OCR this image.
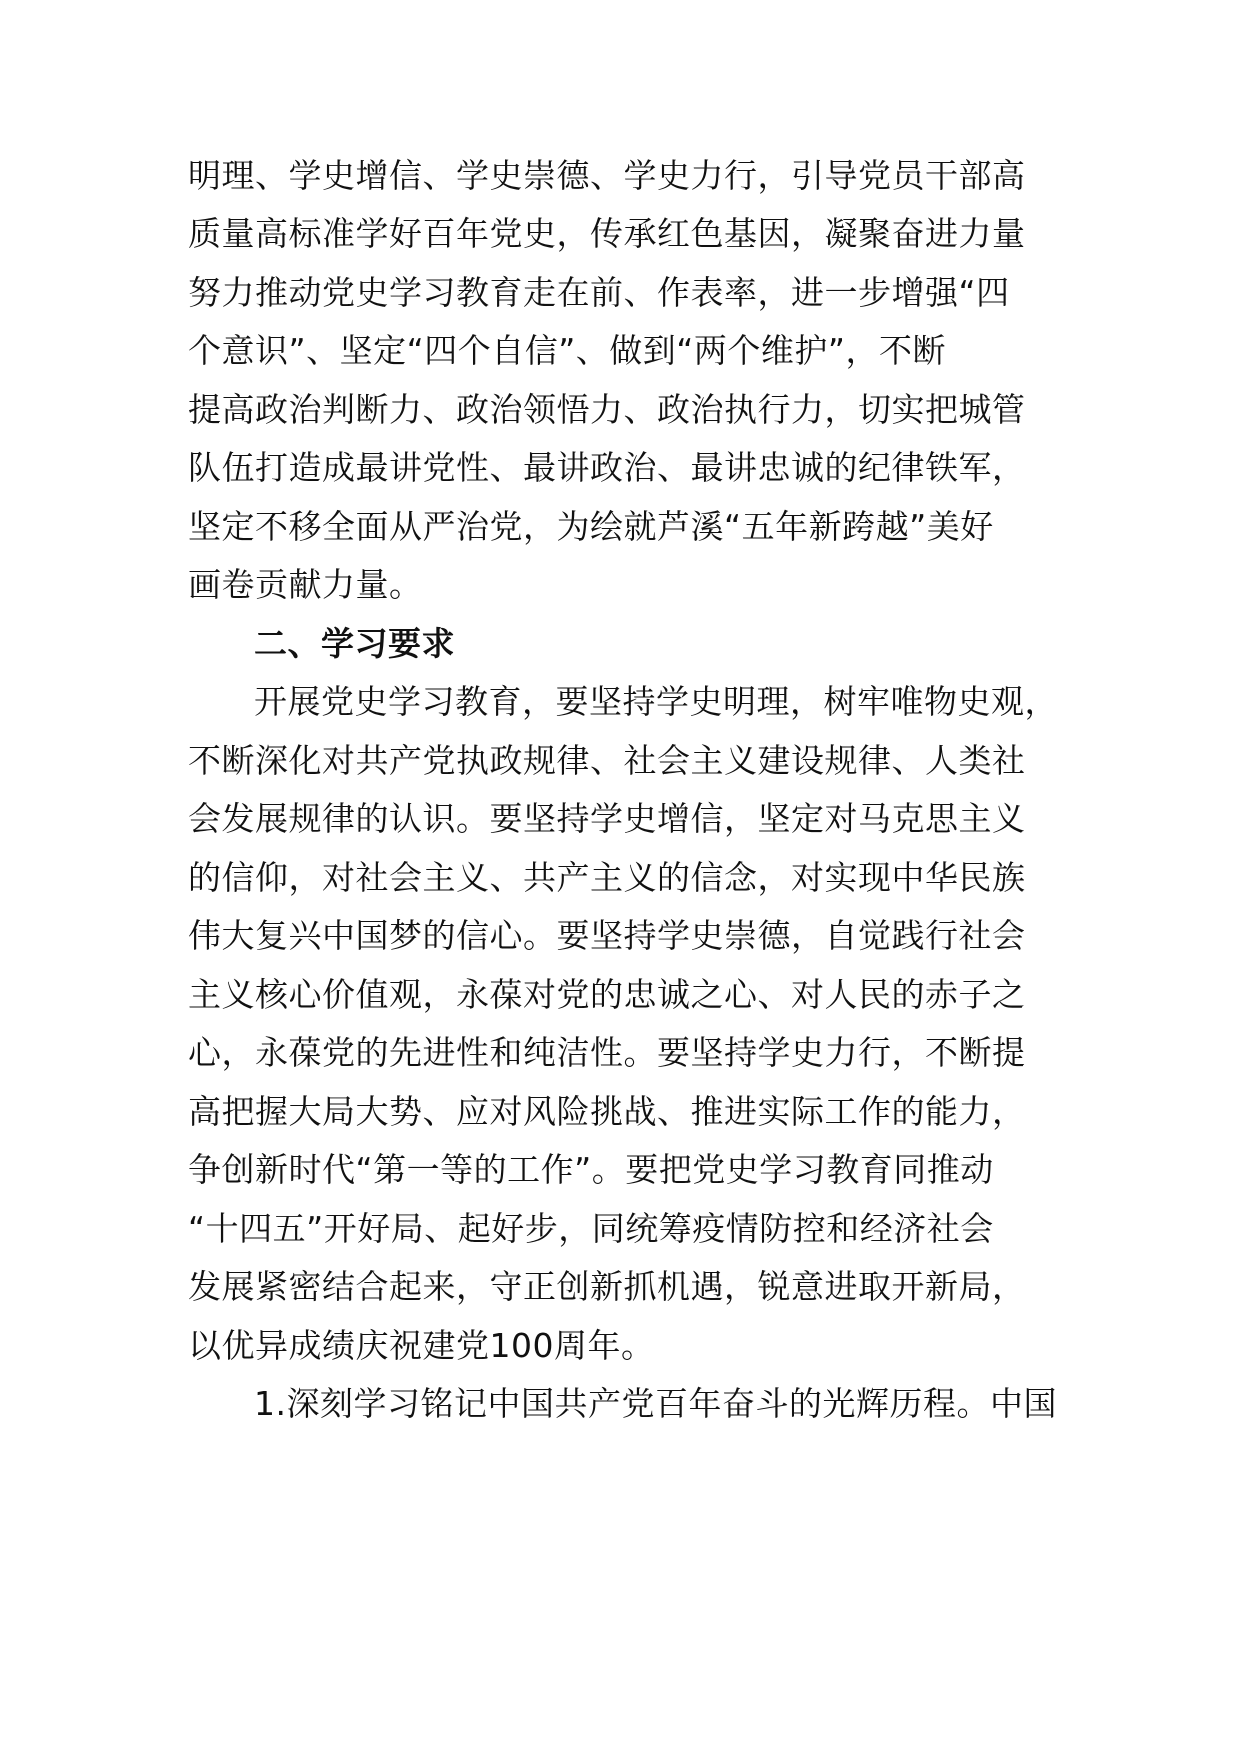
明理、学史增信、学史崇德、学史力行，引导党员干部高
质量高标准学好百年党史，传承红色基因，凝聚奋进力量
努力推动党史学习教育走在前、作表率，进一步增强“四
个意识”、坚定“四个自信”、做到“两个维护”，不断
提高政治判断力、政治领悟力、政治执行力，切实把城管
队伍打造成最讲党性、最讲政治、最讲忠诚的纪律铁军，
坚定不移全面从严治党，为绘就芦溪“五年新跨越”美好
画卷贡献力量。
二、学习要求
开展党史学习教育，要坚持学史明理，树牢唯物史观，
不断深化对共产党执政规律、社会主义建设规律、人类社
会发展规律的认识。要坚持学史增信，坚定对马克思主义
的信仰，对社会主义、共产主义的信念，对实现中华民族
伟大复兴中国梦的信心。要坚持学史崇德，自觉践行社会
主义核心价值观，永葆对党的忠诚之心、对人民的赤子之
心，永葆党的先进性和纯洁性。要坚持学史力行，不断提
高把握大局大势、应对风险挑战、推进实际工作的能力，
争创新时代“第一等的工作”。要把党史学习教育同推动
“十四五”开好局、起好步，同统筹疫情防控和经济社会
发展紧密结合起来，守正创新抓机遇，锐意进取开新局，
以优异成绩庆祝建党100周年。
1.深刻学习铭记中国共产党百年奋斗的光辉历程。中国
